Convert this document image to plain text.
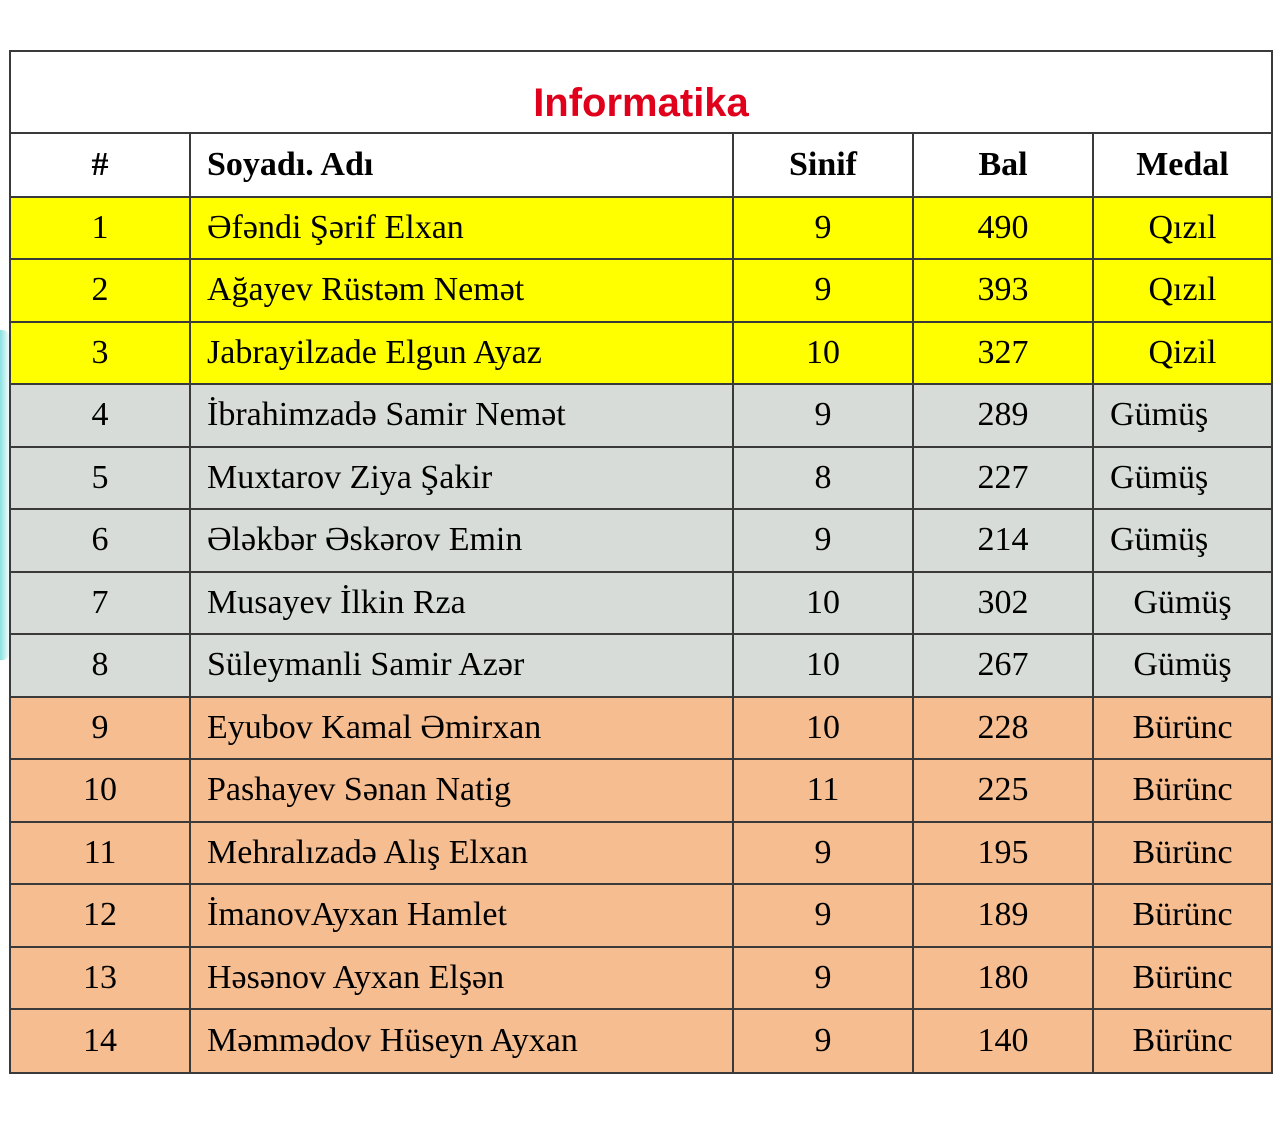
Informatika
#	Soyadı. Adı	Sinif	Bal	Medal
1	Əfəndi Şərif Elxan	9	490	Qızıl
2	Ağayev Rüstəm Nemət	9	393	Qızıl
3	Jabrayilzade Elgun Ayaz	10	327	Qizil
4	İbrahimzadə Samir Nemət	9	289	Gümüş
5	Muxtarov Ziya Şakir	8	227	Gümüş
6	Ələkbər Əskərov Emin	9	214	Gümüş
7	Musayev İlkin Rza	10	302	Gümüş
8	Süleymanli Samir Azər	10	267	Gümüş
9	Eyubov Kamal Əmirxan	10	228	Bürünc
10	Pashayev Sənan Natig	11	225	Bürünc
11	Mehralızadə Alış Elxan	9	195	Bürünc
12	İmanovAyxan Hamlet	9	189	Bürünc
13	Həsənov Ayxan Elşən	9	180	Bürünc
14	Məmmədov Hüseyn Ayxan	9	140	Bürünc
